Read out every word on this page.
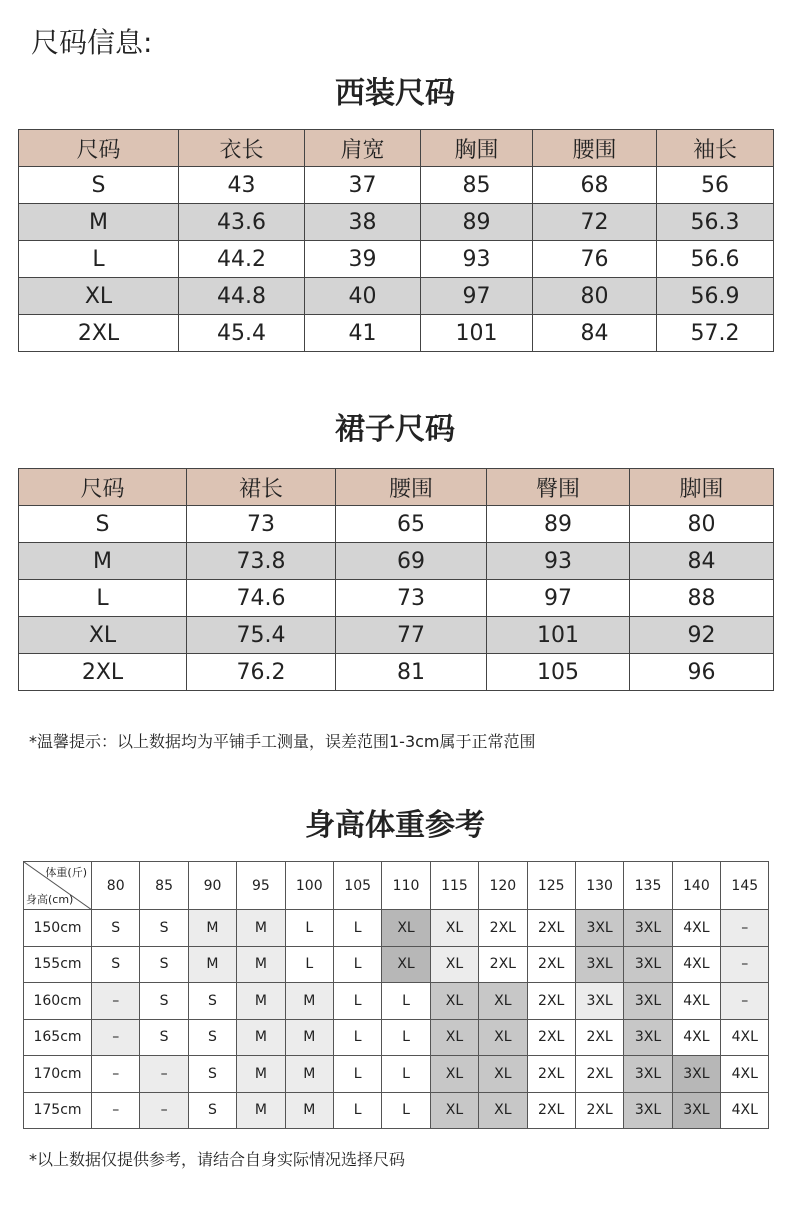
尺码信息:
西装尺码
尺码	衣长	肩宽	胸围	腰围	袖长
S	43	37	85	68	56
M	43.6	38	89	72	56.3
L	44.2	39	93	76	56.6
XL	44.8	40	97	80	56.9
2XL	45.4	41	101	84	57.2
裙子尺码
尺码	裙长	腰围	臀围	脚围
S	73	65	89	80
M	73.8	69	93	84
L	74.6	73	97	88
XL	75.4	77	101	92
2XL	76.2	81	105	96
*温馨提示：以上数据均为平铺手工测量，误差范围1-3cm属于正常范围
身高体重参考
体重(斤)
身高(cm)	80	85	90	95	100	105	110	115	120	125	130	135	140	145
150cm	S	S	M	M	L	L	XL	XL	2XL	2XL	3XL	3XL	4XL	–
155cm	S	S	M	M	L	L	XL	XL	2XL	2XL	3XL	3XL	4XL	–
160cm	–	S	S	M	M	L	L	XL	XL	2XL	3XL	3XL	4XL	–
165cm	–	S	S	M	M	L	L	XL	XL	2XL	2XL	3XL	4XL	4XL
170cm	–	–	S	M	M	L	L	XL	XL	2XL	2XL	3XL	3XL	4XL
175cm	–	–	S	M	M	L	L	XL	XL	2XL	2XL	3XL	3XL	4XL
*以上数据仅提供参考，请结合自身实际情况选择尺码
